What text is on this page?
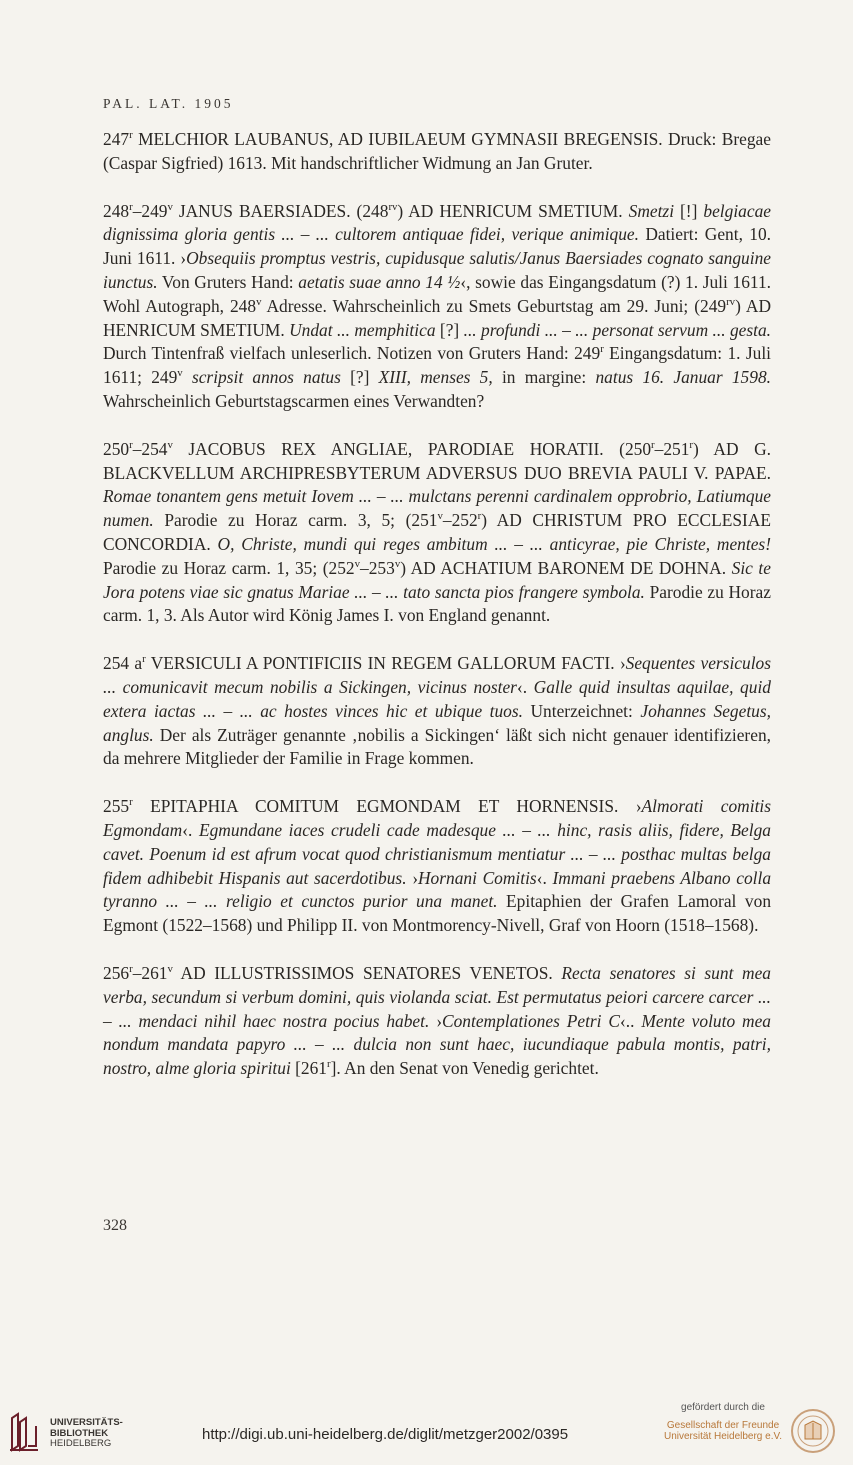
PAL. LAT. 1905

247$^r$ MELCHIOR LAUBANUS, AD IUBILAEUM GYMNASII BREGENSIS. Druck: Bregae (Caspar Sigfried) 1613. Mit handschriftlicher Widmung an Jan Gruter.

248$^r$–249$^v$ JANUS BAERSIADES. $(248^{rv})$ AD HENRICUM SMETIUM. Smetzi [!] belgiacae dignissima gloria gentis ... – ... cultorem antiquae fidei, verique animique. Datiert: Gent, 10. Juni 1611. ›Obsequiis promptus vestris, cupidusque salutis/Janus Baersiades cognato sanguine iunctus. Von Gruters Hand: aetatis suae anno 14 ½‹, sowie das Eingangsdatum (?) 1. Juli 1611. Wohl Autograph, 248$^v$ Adresse. Wahrscheinlich zu Smets Geburtstag am 29. Juni; $(249^{rv})$ AD HENRICUM SMETIUM. Undat ... memphitica [?] ... profundi ... – ... personat servum ... gesta. Durch Tintenfraß vielfach unleserlich. Notizen von Gruters Hand: 249$^r$ Eingangsdatum: 1. Juli 1611; 249$^v$ scripsit annos natus [?] XIII, menses 5, in margine: natus 16. Januar 1598. Wahrscheinlich Geburtstagscarmen eines Verwandten?

250$^r$–254$^v$ JACOBUS REX ANGLIAE, PARODIAE HORATII. (250$^r$–251$^r$) AD G. BLACKVELLUM ARCHIPRESBYTERUM ADVERSUS DUO BREVIA PAULI V. PAPAE. Romae tonantem gens metuit Iovem ... – ... mulctans perenni cardinalem opprobrio, Latiumque numen. Parodie zu Horaz carm. 3, 5; (251$^v$–252$^r$) AD CHRISTUM PRO ECCLESIAE CONCORDIA. O, Christe, mundi qui reges ambitum ... – ... anticyrae, pie Christe, mentes! Parodie zu Horaz carm. 1, 35; (252$^v$–253$^v$) AD ACHATIUM BARONEM DE DOHNA. Sic te Jora potens viae sic gnatus Mariae ... – ... tato sancta pios frangere symbola. Parodie zu Horaz carm. 1, 3. Als Autor wird König James I. von England genannt.

254 $a^r$ VERSICULI A PONTIFICIIS IN REGEM GALLORUM FACTI. ›Sequentes versiculos ... comunicavit mecum nobilis a Sickingen, vicinus noster‹. Galle quid insultas aquilae, quid extera iactas ... – ... ac hostes vinces hic et ubique tuos. Unterzeichnet: Johannes Segetus, anglus. Der als Zuträger genannte ‚nobilis a Sickingen‘ läßt sich nicht genauer identifizieren, da mehrere Mitglieder der Familie in Frage kommen.

255$^r$ EPITAPHIA COMITUM EGMONDAM ET HORNENSIS. ›Almorati comitis Egmondam‹. Egmundane iaces crudeli cade madesque ... – ... hinc, rasis aliis, fidere, Belga cavet. Poenum id est afrum vocat quod christianismum mentiatur ... – ... posthac multas belga fidem adhibebit Hispanis aut sacerdotibus. ›Hornani Comitis‹. Immani praebens Albano colla tyranno ... – ... religio et cunctos purior una manet. Epitaphien der Grafen Lamoral von Egmont (1522–1568) und Philipp II. von Montmorency-Nivell, Graf von Hoorn (1518–1568).

256$^r$–261$^v$ AD ILLUSTRISSIMOS SENATORES VENETOS. Recta senatores si sunt mea verba, secundum si verbum domini, quis violanda sciat. Est permutatus peiori carcere carcer ... – ... mendaci nihil haec nostra pocius habet. ›Contemplationes Petri C‹.. Mente voluto mea nondum mandata papyro ... – ... dulcia non sunt haec, iucundiaque pabula montis, patri, nostro, alme gloria spiritui [261$^r$]. An den Senat von Venedig gerichtet.

328
UNIVERSITÄTS-
BIBLIOTHEK
HEIDELBERG
http://digi.ub.uni-heidelberg.de/diglit/metzger2002/0395
gefördert durch die
Gesellschaft der Freunde
Universität Heidelberg e.V.
